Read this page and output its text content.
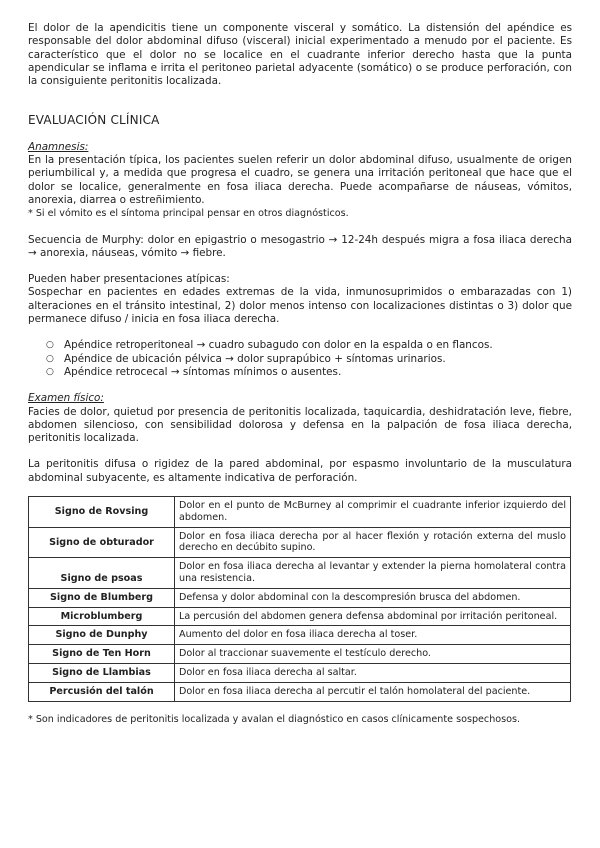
El dolor de la apendicitis tiene un componente visceral y somático. La distensión del apéndice es responsable del dolor abdominal difuso (visceral) inicial experimentado a menudo por el paciente. Es característico que el dolor no se localice en el cuadrante inferior derecho hasta que la punta apendicular se inflama e irrita el peritoneo parietal adyacente (somático) o se produce perforación, con la consiguiente peritonitis localizada.

EVALUACIÓN CLÍNICA

Anamnesis:

En la presentación típica, los pacientes suelen referir un dolor abdominal difuso, usualmente de origen periumbilical y, a medida que progresa el cuadro, se genera una irritación peritoneal que hace que el dolor se localice, generalmente en fosa iliaca derecha. Puede acompañarse de náuseas, vómitos, anorexia, diarrea o estreñimiento.

* Si el vómito es el síntoma principal pensar en otros diagnósticos.

Secuencia de Murphy: dolor en epigastrio o mesogastrio → 12-24h después migra a fosa iliaca derecha → anorexia, náuseas, vómito → fiebre.

Pueden haber presentaciones atípicas:

Sospechar en pacientes en edades extremas de la vida, inmunosuprimidos o embarazadas con 1) alteraciones en el tránsito intestinal, 2) dolor menos intenso con localizaciones distintas o 3) dolor que permanece difuso / inicia en fosa iliaca derecha.

○ Apéndice retroperitoneal → cuadro subagudo con dolor en la espalda o en flancos.
○ Apéndice de ubicación pélvica → dolor suprapúbico + síntomas urinarios.
○ Apéndice retrocecal → síntomas mínimos o ausentes.

Examen físico:

Facies de dolor, quietud por presencia de peritonitis localizada, taquicardia, deshidratación leve, fiebre, abdomen silencioso, con sensibilidad dolorosa y defensa en la palpación de fosa iliaca derecha, peritonitis localizada.

La peritonitis difusa o rigidez de la pared abdominal, por espasmo involuntario de la musculatura abdominal subyacente, es altamente indicativa de perforación.

Signo de Rovsing	Dolor en el punto de McBurney al comprimir el cuadrante inferior izquierdo del abdomen.
Signo de obturador	Dolor en fosa iliaca derecha por al hacer flexión y rotación externa del muslo derecho en decúbito supino.
Signo de psoas	Dolor en fosa iliaca derecha al levantar y extender la pierna homolateral contra una resistencia.
Signo de Blumberg	Defensa y dolor abdominal con la descompresión brusca del abdomen.
Microblumberg	La percusión del abdomen genera defensa abdominal por irritación peritoneal.
Signo de Dunphy	Aumento del dolor en fosa iliaca derecha al toser.
Signo de Ten Horn	Dolor al traccionar suavemente el testículo derecho.
Signo de Llambias	Dolor en fosa iliaca derecha al saltar.
Percusión del talón	Dolor en fosa iliaca derecha al percutir el talón homolateral del paciente.

* Son indicadores de peritonitis localizada y avalan el diagnóstico en casos clínicamente sospechosos.
